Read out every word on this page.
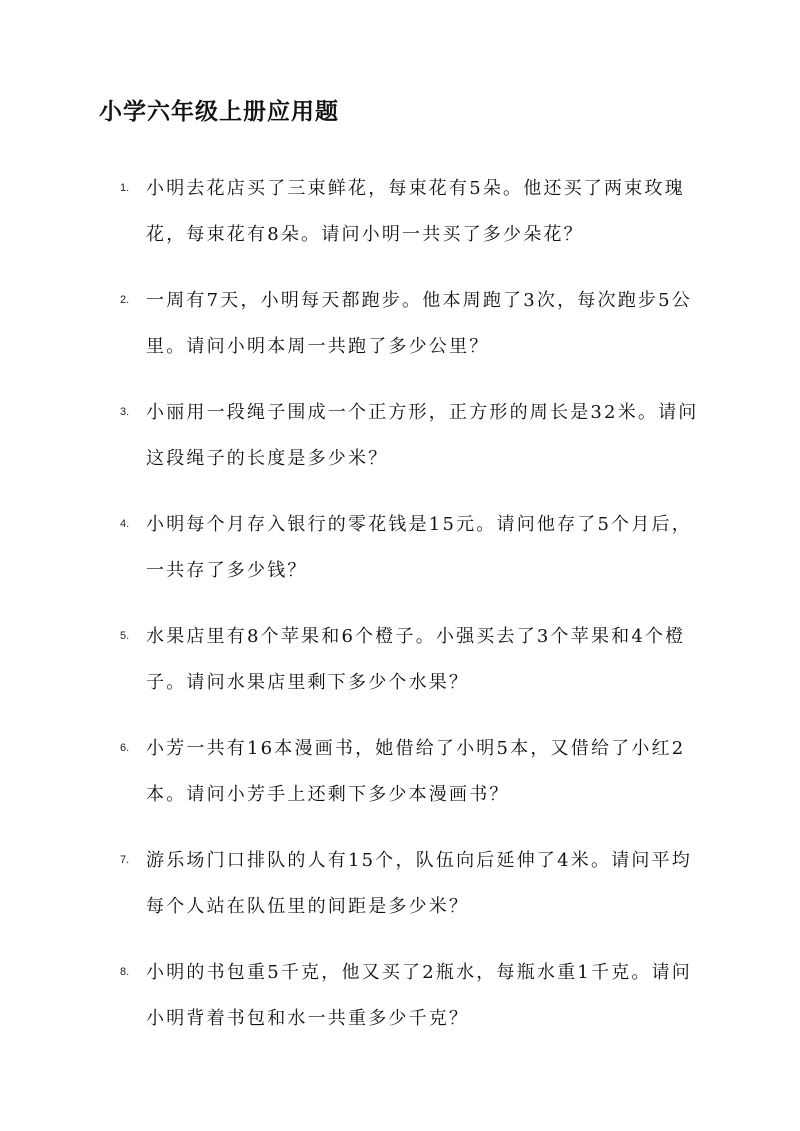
小学六年级上册应用题
1. 小明去花店买了三束鲜花，每束花有5朵。他还买了两束玫瑰花，每束花有8朵。请问小明一共买了多少朵花？
2. 一周有7天，小明每天都跑步。他本周跑了3次，每次跑步5公里。请问小明本周一共跑了多少公里？
3. 小丽用一段绳子围成一个正方形，正方形的周长是32米。请问这段绳子的长度是多少米？
4. 小明每个月存入银行的零花钱是15元。请问他存了5个月后，一共存了多少钱？
5. 水果店里有8个苹果和6个橙子。小强买去了3个苹果和4个橙子。请问水果店里剩下多少个水果？
6. 小芳一共有16本漫画书，她借给了小明5本，又借给了小红2本。请问小芳手上还剩下多少本漫画书？
7. 游乐场门口排队的人有15个，队伍向后延伸了4米。请问平均每个人站在队伍里的间距是多少米？
8. 小明的书包重5千克，他又买了2瓶水，每瓶水重1千克。请问小明背着书包和水一共重多少千克？
